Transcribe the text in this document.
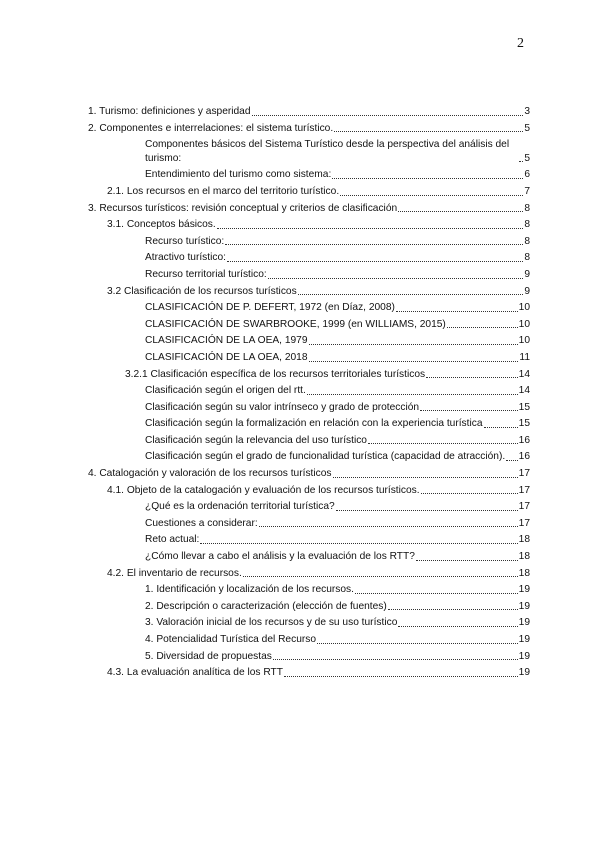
2
1. Turismo: definiciones y asperidad	3
2. Componentes e interrelaciones: el sistema turístico.	5
Componentes básicos del Sistema Turístico desde la perspectiva del análisis del turismo:	5
Entendimiento del turismo como sistema:	6
2.1. Los recursos en el marco del territorio turístico.	7
3. Recursos turísticos: revisión conceptual y criterios de clasificación	8
3.1. Conceptos básicos.	8
Recurso turístico:	8
Atractivo turístico:	8
Recurso territorial turístico:	9
3.2 Clasificación de los recursos turísticos	9
CLASIFICACIÓN DE P. DEFERT, 1972 (en Díaz, 2008)	10
CLASIFICACIÓN DE SWARBROOKE, 1999 (en WILLIAMS, 2015)	10
CLASIFICACIÓN DE LA OEA, 1979	10
CLASIFICACIÓN DE LA OEA, 2018	11
3.2.1 Clasificación específica de los recursos territoriales turísticos	14
Clasificación según el origen del rtt.	14
Clasificación según su valor intrínseco y grado de protección	15
Clasificación según la formalización en relación con la experiencia turística	15
Clasificación según la relevancia del uso turístico	16
Clasificación según el grado de funcionalidad turística (capacidad de atracción). 16
4. Catalogación y valoración de los recursos turísticos	17
4.1. Objeto de la catalogación y evaluación de los recursos turísticos.	17
¿Qué es la ordenación territorial turística?	17
Cuestiones a considerar:	17
Reto actual:	18
¿Cómo llevar a cabo el análisis y la evaluación de los RTT?	18
4.2. El inventario de recursos.	18
1. Identificación y localización de los recursos.	19
2. Descripción o caracterización (elección de fuentes)	19
3. Valoración inicial de los recursos y de su uso turístico	19
4. Potencialidad Turística del Recurso	19
5. Diversidad de propuestas	19
4.3. La evaluación analítica de los RTT	19
